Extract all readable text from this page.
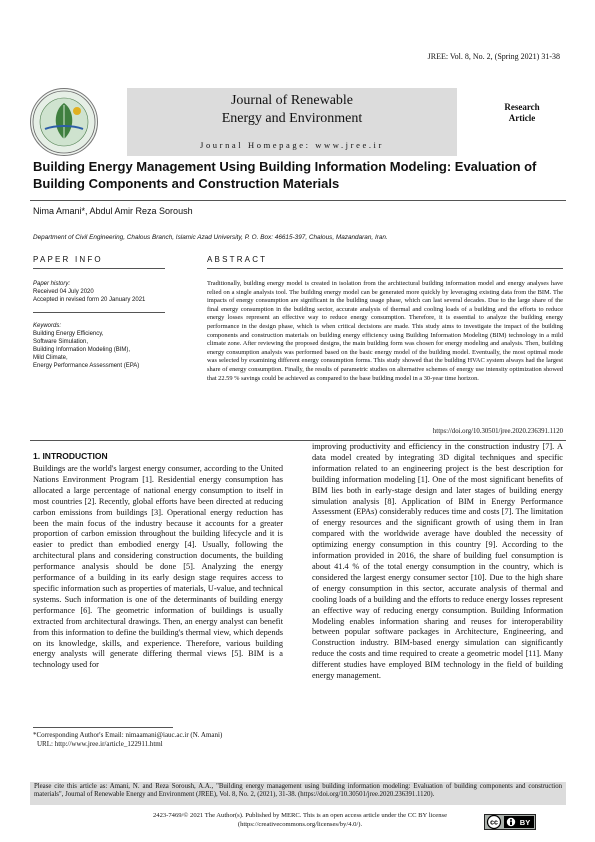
JREE: Vol. 8, No. 2, (Spring 2021) 31-38
Journal of Renewable
Energy and Environment
Journal Homepage: www.jree.ir
Research
Article
Building Energy Management Using Building Information Modeling: Evaluation of Building Components and Construction Materials
Nima Amani*, Abdul Amir Reza Soroush
Department of Civil Engineering, Chalous Branch, Islamic Azad University, P. O. Box: 46615-397, Chalous, Mazandaran, Iran.
PAPER INFO	ABSTRACT
Paper history:
Received 04 July 2020
Accepted in revised form 20 January 2021
Keywords:
Building Energy Efficiency,
Software Simulation,
Building Information Modeling (BIM),
Mild Climate,
Energy Performance Assessment (EPA)
Traditionally, building energy model is created in isolation from the architectural building information model and energy analyses have relied on a single analysis tool. The building energy model can be generated more quickly by leveraging existing data from the BIM. The impacts of energy consumption are significant in the building usage phase, which can last several decades. Due to the large share of the final energy consumption in the building sector, accurate analysis of thermal and cooling loads of a building and the efforts to reduce energy losses represent an effective way to reduce energy consumption. Therefore, it is essential to analyze the building energy performance in the design phase, which is when critical decisions are made. This study aims to investigate the impact of the building components and construction materials on building energy efficiency using Building Information Modeling (BIM) technology in a mild climate zone. After reviewing the proposed designs, the main building form was chosen for energy modeling and analysis. Then, building energy consumption analysis was performed based on the basic energy model of the building model. Eventually, the most optimal mode was selected by examining different energy consumption forms. This study showed that the building HVAC system always had the largest share of energy consumption. Finally, the results of parametric studies on alternative schemes of energy use intensity optimization showed that 22.59 % savings could be achieved as compared to the base building model in a 30-year time horizon.
https://doi.org/10.30501/jree.2020.236391.1120
1. INTRODUCTION
Buildings are the world's largest energy consumer, according to the United Nations Environment Program [1]. Residential energy consumption has allocated a large percentage of national energy consumption to itself in most countries [2]. Recently, global efforts have been directed at reducing carbon emissions from buildings [3]. Operational energy reduction has been the main focus of the industry because it accounts for a greater proportion of carbon emission throughout the building lifecycle and it is easier to predict than embodied energy [4]. Usually, following the architectural plans and considering construction documents, the building performance analysis should be done [5]. Analyzing the energy performance of a building in its early design stage requires access to specific information such as properties of materials, U-value, and technical systems. Such information is one of the determinants of building energy performance [6]. The geometric information of buildings is usually extracted from architectural drawings. Then, an energy analyst can benefit from this information to define the building's thermal view, which depends on its knowledge, skills, and experience. Therefore, various building energy analysts will generate differing thermal views [5]. BIM is a technology used for
improving productivity and efficiency in the construction industry [7]. A data model created by integrating 3D digital techniques and specific information related to an engineering project is the best description for building information modeling [1]. One of the most significant benefits of BIM lies both in early-stage design and later stages of building energy simulation analysis [8]. Application of BIM in Energy Performance Assessment (EPAs) considerably reduces time and costs [7]. The limitation of energy resources and the significant growth of using them in Iran compared with the worldwide average have doubled the necessity of optimizing energy consumption in this country [9]. According to the information provided in 2016, the share of building fuel consumption is about 41.4 % of the total energy consumption in the country, which is considered the largest energy consumer sector [10]. Due to the high share of energy consumption in this sector, accurate analysis of thermal and cooling loads of a building and the efforts to reduce energy losses represent an effective way of reducing energy consumption. Building Information Modeling enables information sharing and reuses for interoperability between popular software packages in Architecture, Engineering, and Construction industry. BIM-based energy simulation can significantly reduce the costs and time required to create a geometric model [11]. Many different studies have employed BIM technology in the field of building energy management.
*Corresponding Author's Email: nimaamani@iauc.ac.ir (N. Amani)
URL: http://www.jree.ir/article_122911.html
Please cite this article as: Amani, N. and Reza Soroush, A.A., "Building energy management using building information modeling: Evaluation of building components and construction materials", Journal of Renewable Energy and Environment (JREE), Vol. 8, No. 2, (2021), 31-38. (https://doi.org/10.30501/jree.2020.236391.1120).
2423-7469/© 2021 The Author(s). Published by MERC. This is an open access article under the CC BY license
(https://creativecommons.org/licenses/by/4.0/).	cc	BY
